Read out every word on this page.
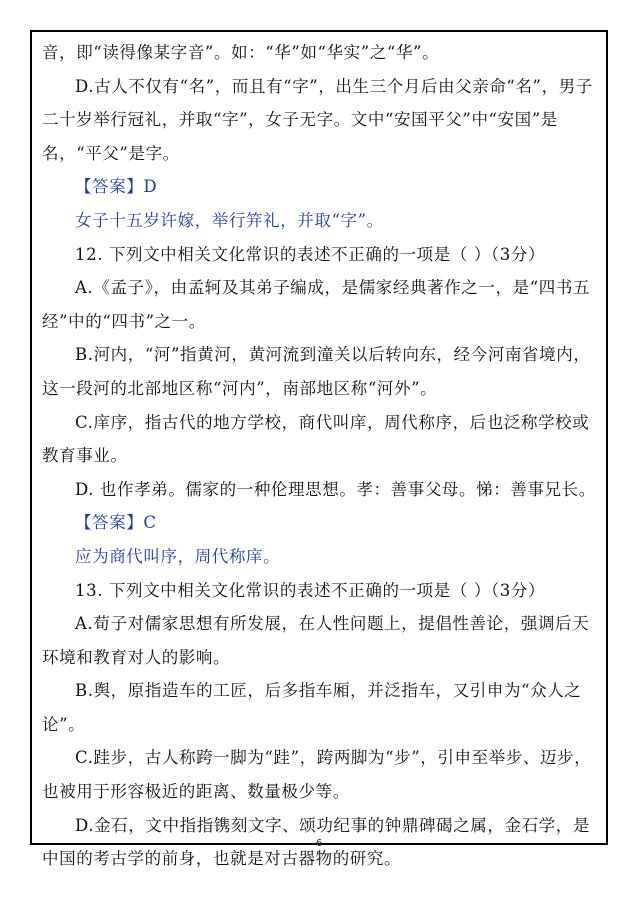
音，即“读得像某字音”。如：“华”如“华实”之“华”。

D.古人不仅有“名”，而且有“字”，出生三个月后由父亲命“名”，男子二十岁举行冠礼，并取“字”，女子无字。文中“安国平父”中“安国”是名，“平父”是字。

【答案】D

女子十五岁许嫁，举行笄礼，并取“字”。

12. 下列文中相关文化常识的表述不正确的一项是（ ）（3分）

A.《孟子》，由孟轲及其弟子编成，是儒家经典著作之一，是“四书五经”中的“四书”之一。

B.河内，“河”指黄河，黄河流到潼关以后转向东，经今河南省境内，这一段河的北部地区称“河内”，南部地区称“河外”。

C.庠序，指古代的地方学校，商代叫庠，周代称序，后也泛称学校或教育事业。

D. 也作孝弟。儒家的一种伦理思想。孝：善事父母。悌：善事兄长。

【答案】C

应为商代叫序，周代称庠。

13. 下列文中相关文化常识的表述不正确的一项是（ ）（3分）

A.荀子对儒家思想有所发展，在人性问题上，提倡性善论，强调后天环境和教育对人的影响。

B.舆，原指造车的工匠，后多指车厢，并泛指车，又引申为“众人之论”。

C.跬步，古人称跨一脚为“跬”，跨两脚为“步”，引申至举步、迈步，也被用于形容极近的距离、数量极少等。

D.金石，文中指指镌刻文字、颂功纪事的钟鼎碑碣之属，金石学，是中国的考古学的前身，也就是对古器物的研究。

6
